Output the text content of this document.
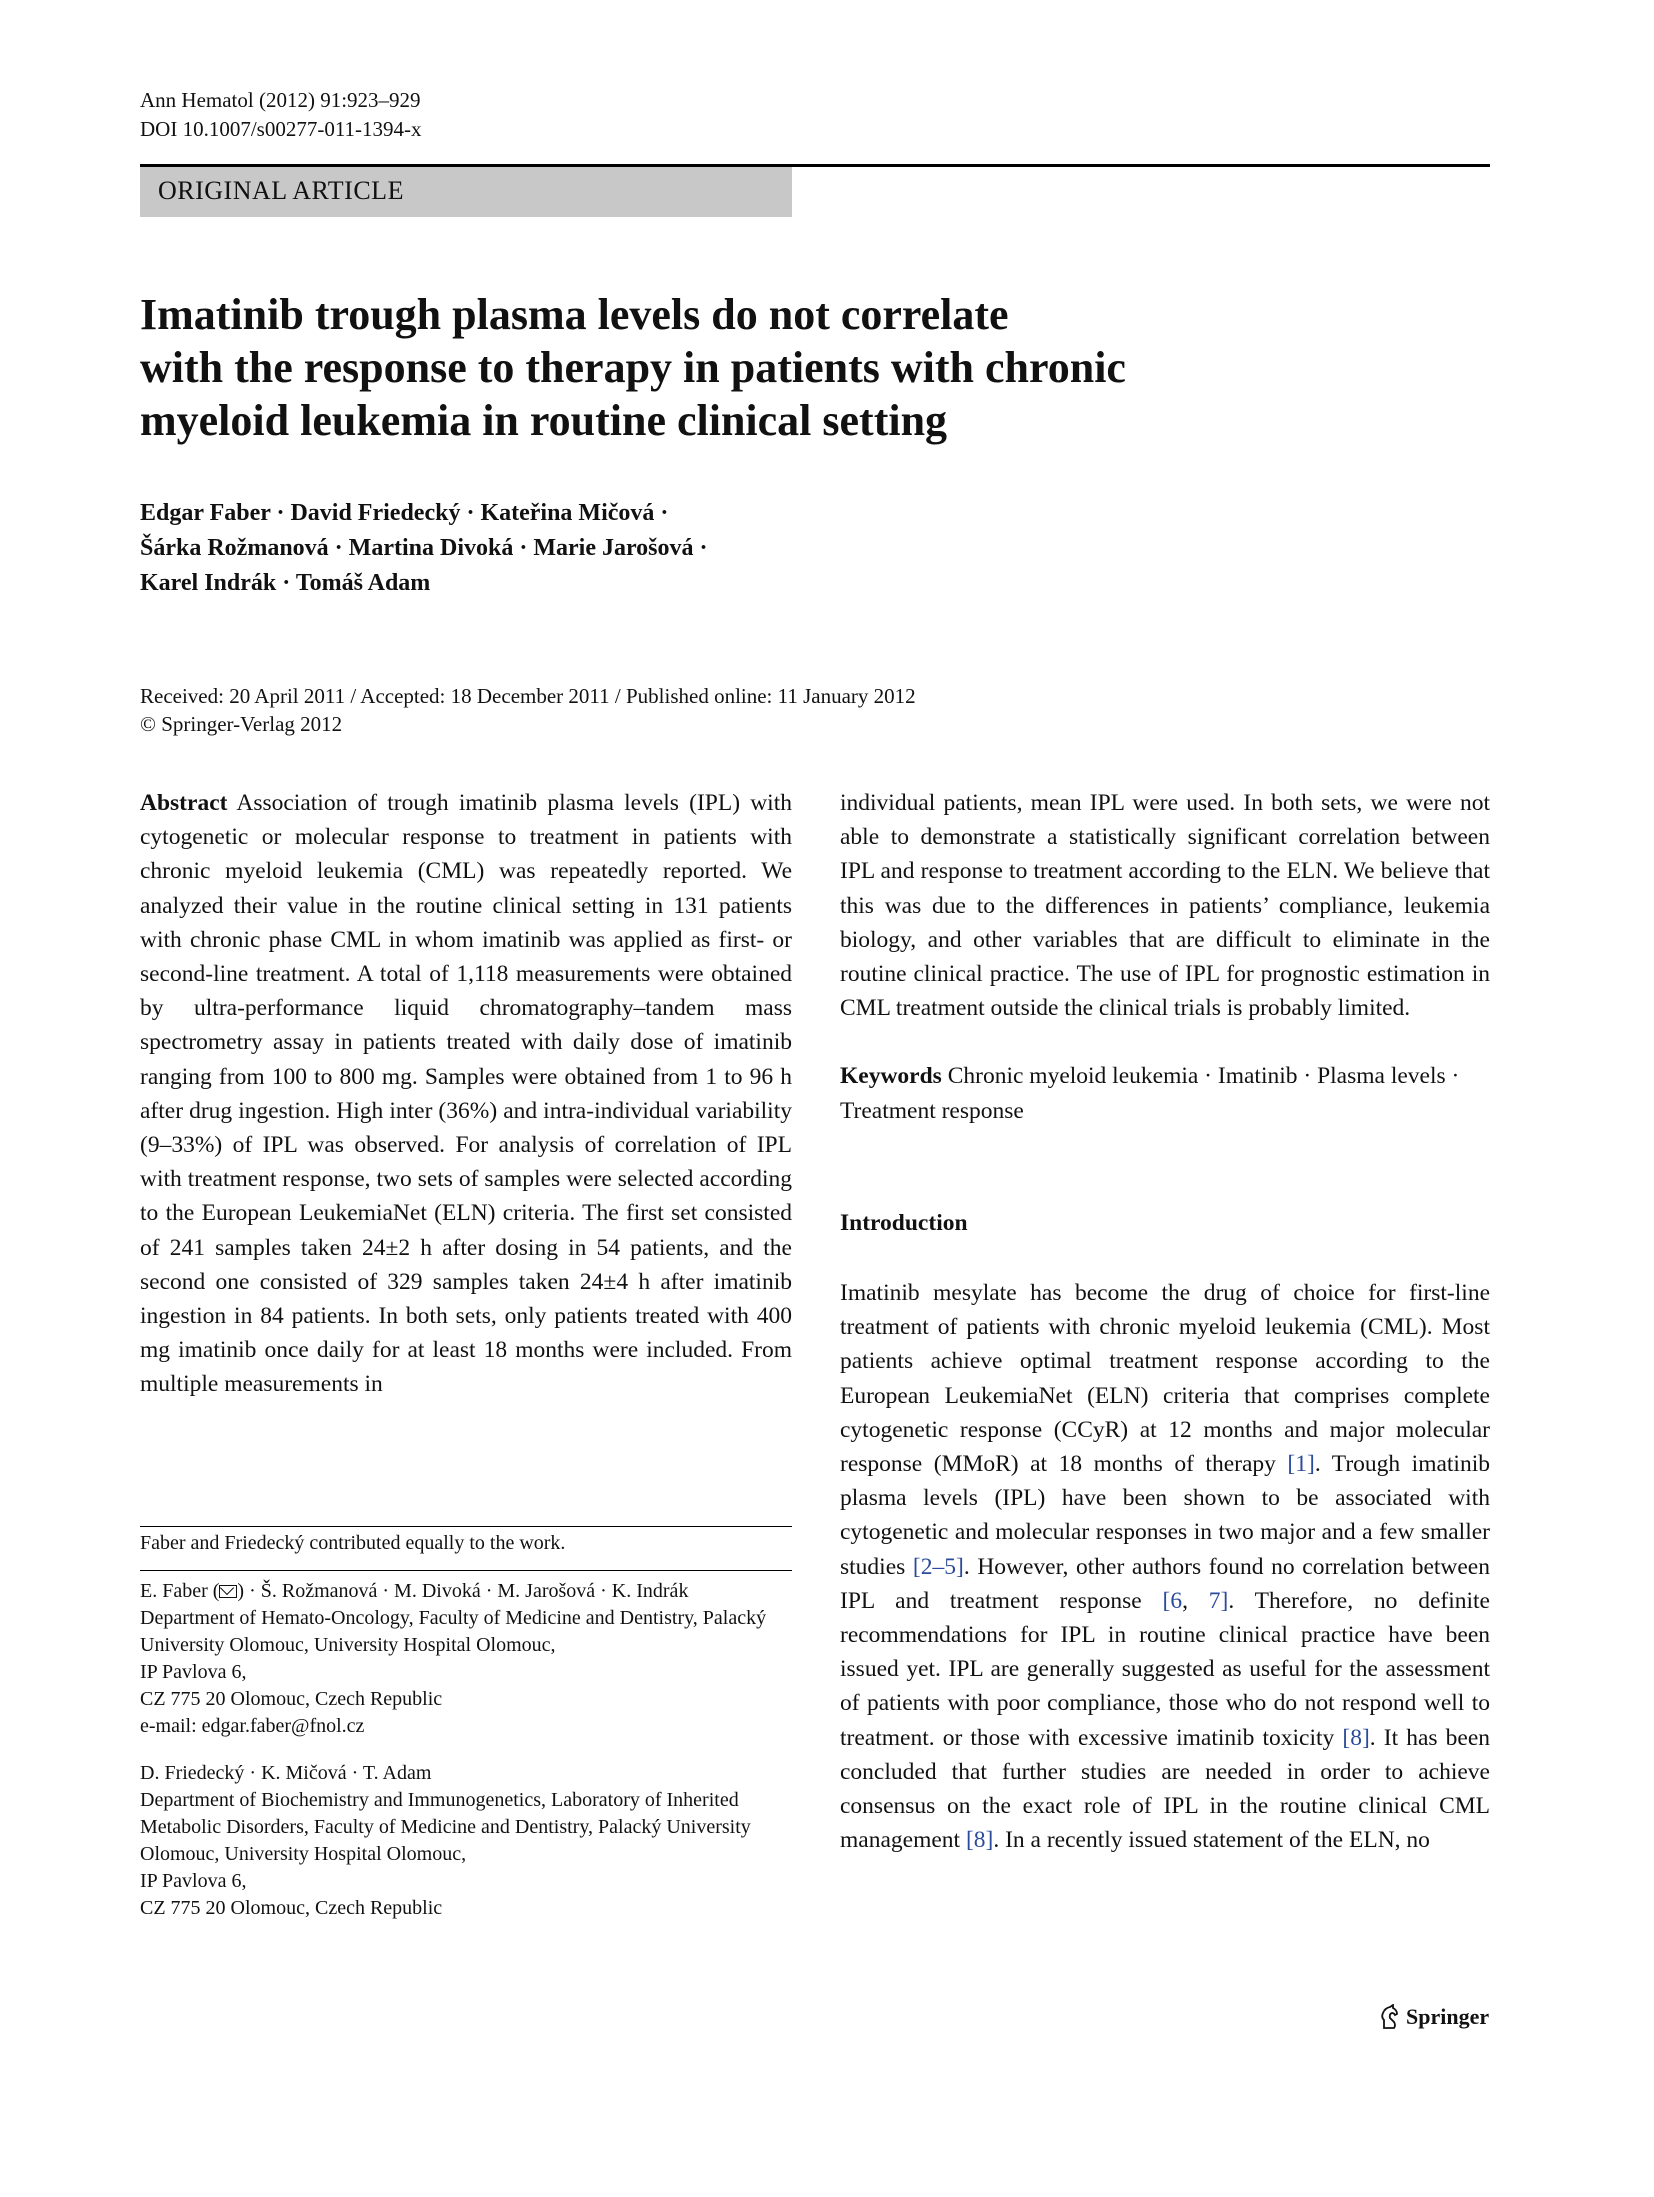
Ann Hematol (2012) 91:923–929
DOI 10.1007/s00277-011-1394-x
ORIGINAL ARTICLE
Imatinib trough plasma levels do not correlate
with the response to therapy in patients with chronic
myeloid leukemia in routine clinical setting
Edgar Faber · David Friedecký · Kateřina Mičová ·
Šárka Rožmanová · Martina Divoká · Marie Jarošová ·
Karel Indrák · Tomáš Adam
Received: 20 April 2011 / Accepted: 18 December 2011 / Published online: 11 January 2012
© Springer-Verlag 2012

Abstract Association of trough imatinib plasma levels (IPL) with cytogenetic or molecular response to treatment in patients with chronic myeloid leukemia (CML) was repeatedly reported. We analyzed their value in the routine clinical setting in 131 patients with chronic phase CML in whom imatinib was applied as first- or second-line treatment. A total of 1,118 measurements were obtained by ultra-performance liquid chromatography–tandem mass spectrometry assay in patients treated with daily dose of imatinib ranging from 100 to 800 mg. Samples were obtained from 1 to 96 h after drug ingestion. High inter (36%) and intra-individual variability (9–33%) of IPL was observed. For analysis of correlation of IPL with treatment response, two sets of samples were selected according to the European LeukemiaNet (ELN) criteria. The first set consisted of 241 samples taken 24±2 h after dosing in 54 patients, and the second one consisted of 329 samples taken 24±4 h after imatinib ingestion in 84 patients. In both sets, only patients treated with 400 mg imatinib once daily for at least 18 months were included. From multiple measurements in

Faber and Friedecký contributed equally to the work.

E. Faber ( ) · Š. Rožmanová · M. Divoká · M. Jarošová · K. Indrák
Department of Hemato-Oncology, Faculty of Medicine and Dentistry, Palacký University Olomouc, University Hospital Olomouc,
IP Pavlova 6,
CZ 775 20 Olomouc, Czech Republic
e-mail: edgar.faber@fnol.cz

D. Friedecký · K. Mičová · T. Adam
Department of Biochemistry and Immunogenetics, Laboratory of Inherited Metabolic Disorders, Faculty of Medicine and Dentistry, Palacký University Olomouc, University Hospital Olomouc,
IP Pavlova 6,
CZ 775 20 Olomouc, Czech Republic

individual patients, mean IPL were used. In both sets, we were not able to demonstrate a statistically significant correlation between IPL and response to treatment according to the ELN. We believe that this was due to the differences in patients’ compliance, leukemia biology, and other variables that are difficult to eliminate in the routine clinical practice. The use of IPL for prognostic estimation in CML treatment outside the clinical trials is probably limited.

Keywords Chronic myeloid leukemia · Imatinib · Plasma levels · Treatment response

Introduction

Imatinib mesylate has become the drug of choice for first-line treatment of patients with chronic myeloid leukemia (CML). Most patients achieve optimal treatment response according to the European LeukemiaNet (ELN) criteria that comprises complete cytogenetic response (CCyR) at 12 months and major molecular response (MMoR) at 18 months of therapy [1]. Trough imatinib plasma levels (IPL) have been shown to be associated with cytogenetic and molecular responses in two major and a few smaller studies [2–5]. However, other authors found no correlation between IPL and treatment response [6, 7]. Therefore, no definite recommendations for IPL in routine clinical practice have been issued yet. IPL are generally suggested as useful for the assessment of patients with poor compliance, those who do not respond well to treatment. or those with excessive imatinib toxicity [8]. It has been concluded that further studies are needed in order to achieve consensus on the exact role of IPL in the routine clinical CML management [8]. In a recently issued statement of the ELN, no

Springer
